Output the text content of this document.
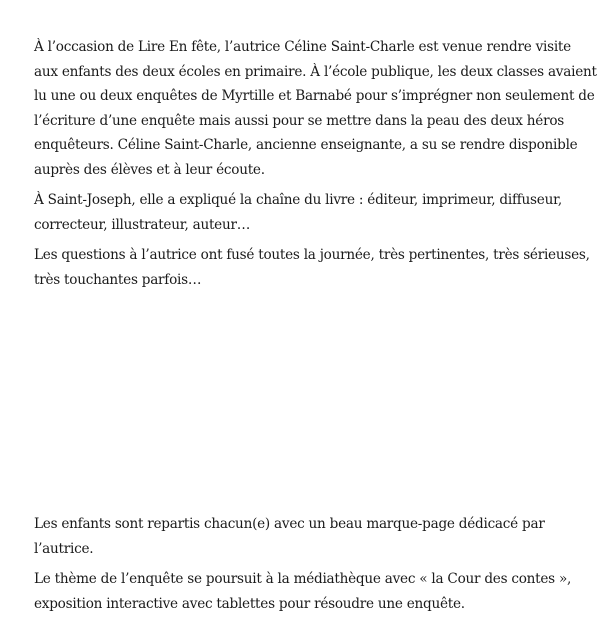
À l’occasion de Lire En fête, l’autrice Céline Saint-Charle est venue rendre visite
aux enfants des deux écoles en primaire. À l’école publique, les deux classes avaient
lu une ou deux enquêtes de Myrtille et Barnabé pour s’imprégner non seulement de
l’écriture d’une enquête mais aussi pour se mettre dans la peau des deux héros
enquêteurs. Céline Saint-Charle, ancienne enseignante, a su se rendre disponible
auprès des élèves et à leur écoute.

À Saint-Joseph, elle a expliqué la chaîne du livre : éditeur, imprimeur, diffuseur,
correcteur, illustrateur, auteur…

Les questions à l’autrice ont fusé toutes la journée, très pertinentes, très sérieuses,
très touchantes parfois…

Les enfants sont repartis chacun(e) avec un beau marque-page dédicacé par
l’autrice.

Le thème de l’enquête se poursuit à la médiathèque avec « la Cour des contes »,
exposition interactive avec tablettes pour résoudre une enquête.
